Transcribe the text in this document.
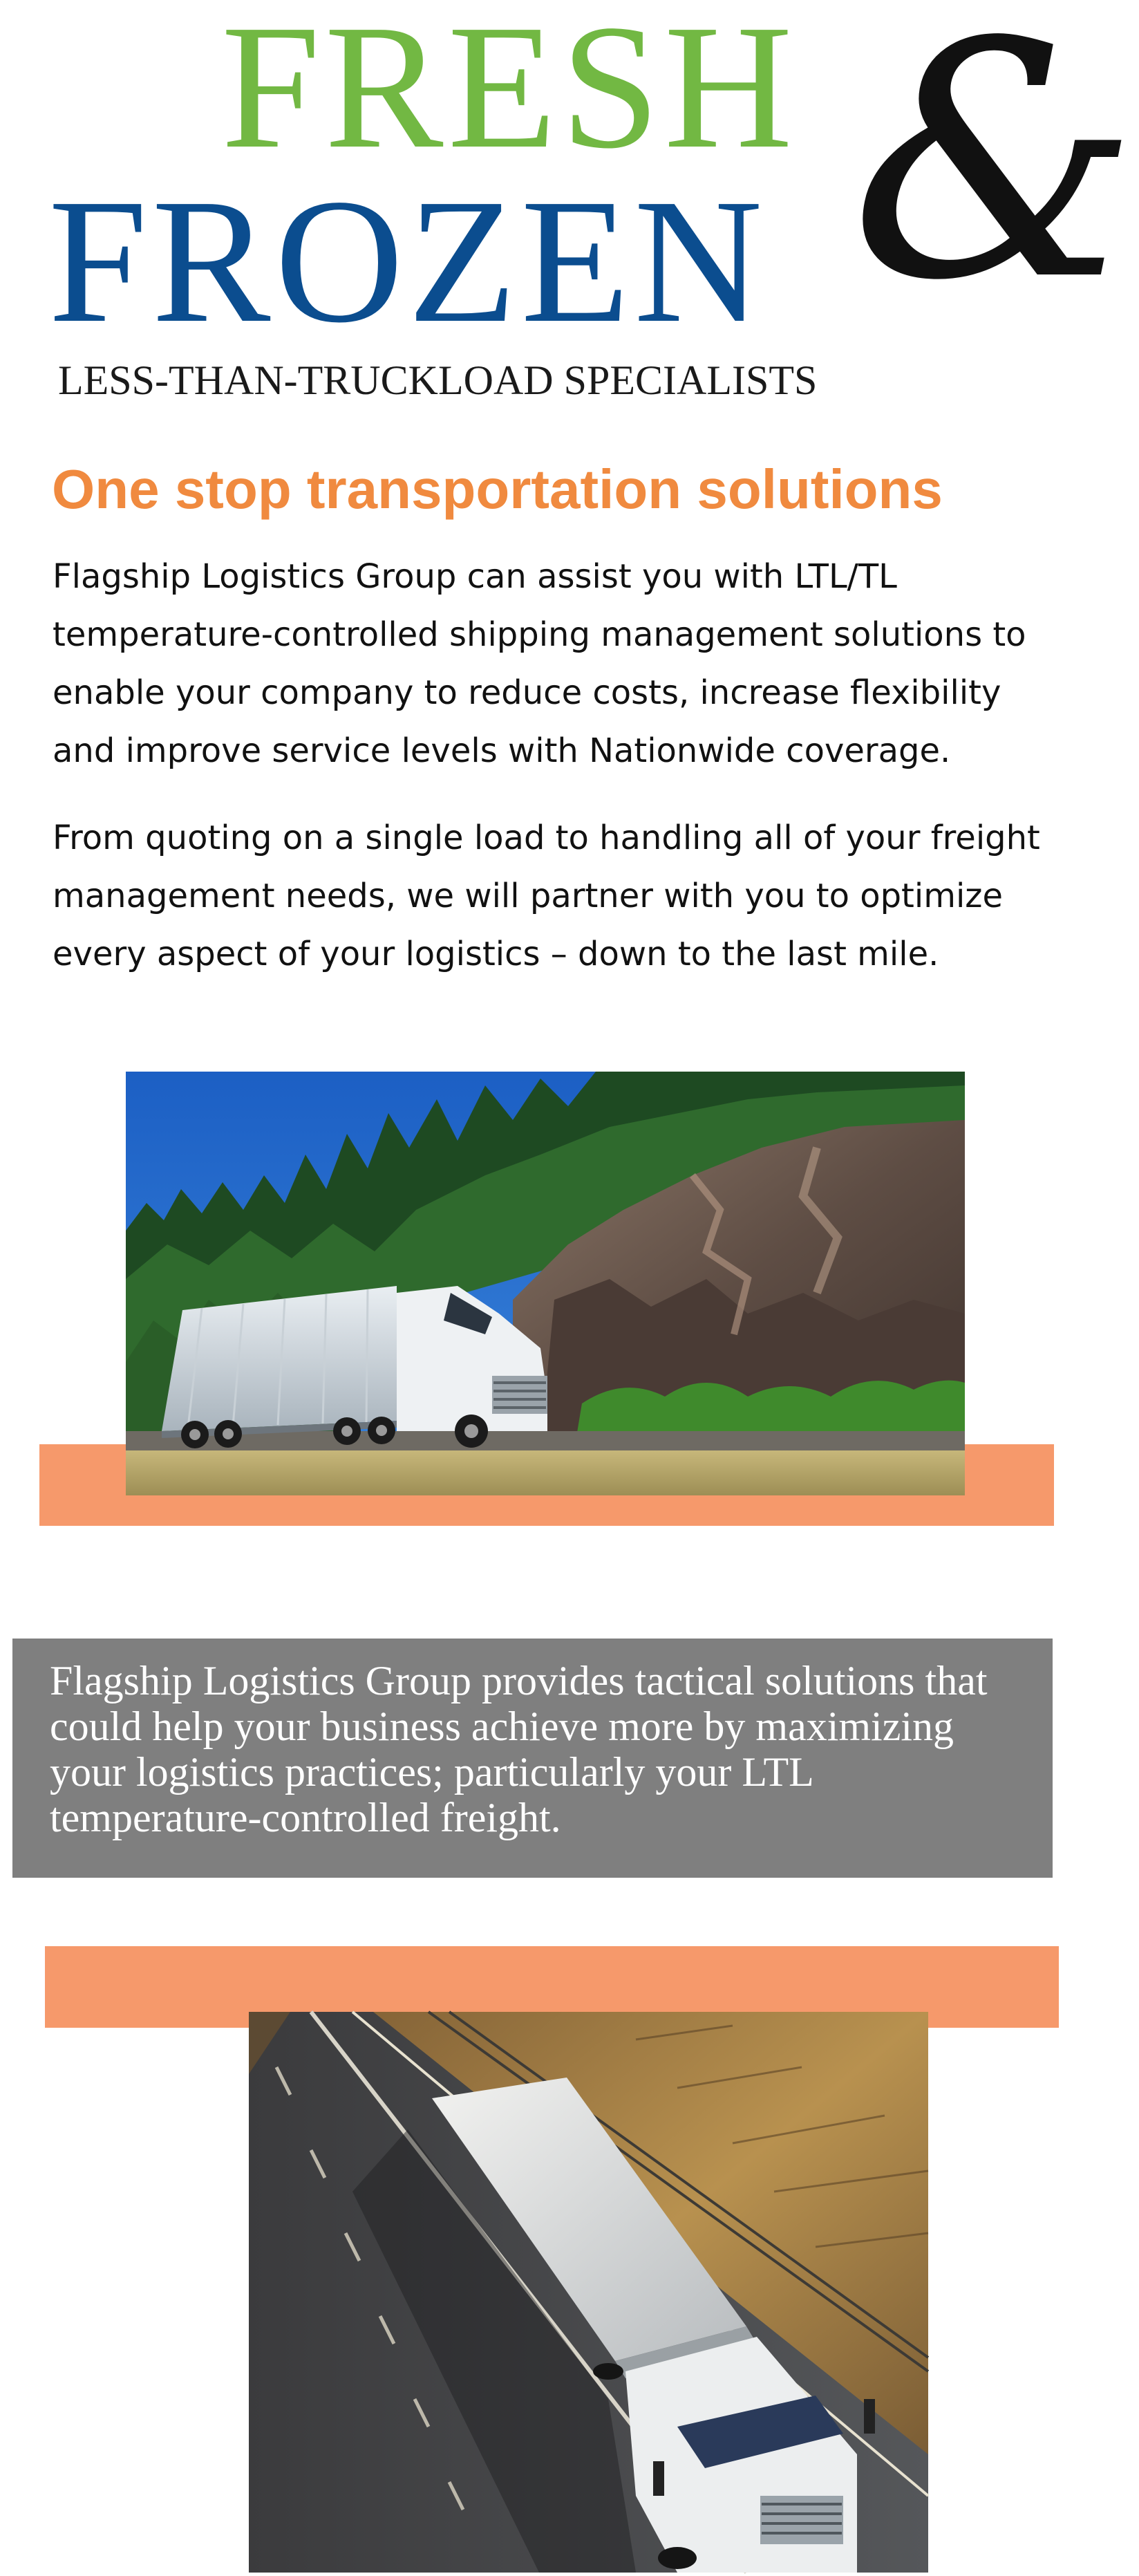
FRESH
FROZEN &
LESS-THAN-TRUCKLOAD SPECIALISTS
One stop transportation solutions

Flagship Logistics Group can assist you with LTL/TL temperature-controlled shipping management solutions to enable your company to reduce costs, increase flexibility and improve service levels with Nationwide coverage.

From quoting on a single load to handling all of your freight management needs, we will partner with you to optimize every aspect of your logistics – down to the last mile.

Flagship Logistics Group provides tactical solutions that could help your business achieve more by maximizing your logistics practices; particularly your LTL temperature-controlled freight.
